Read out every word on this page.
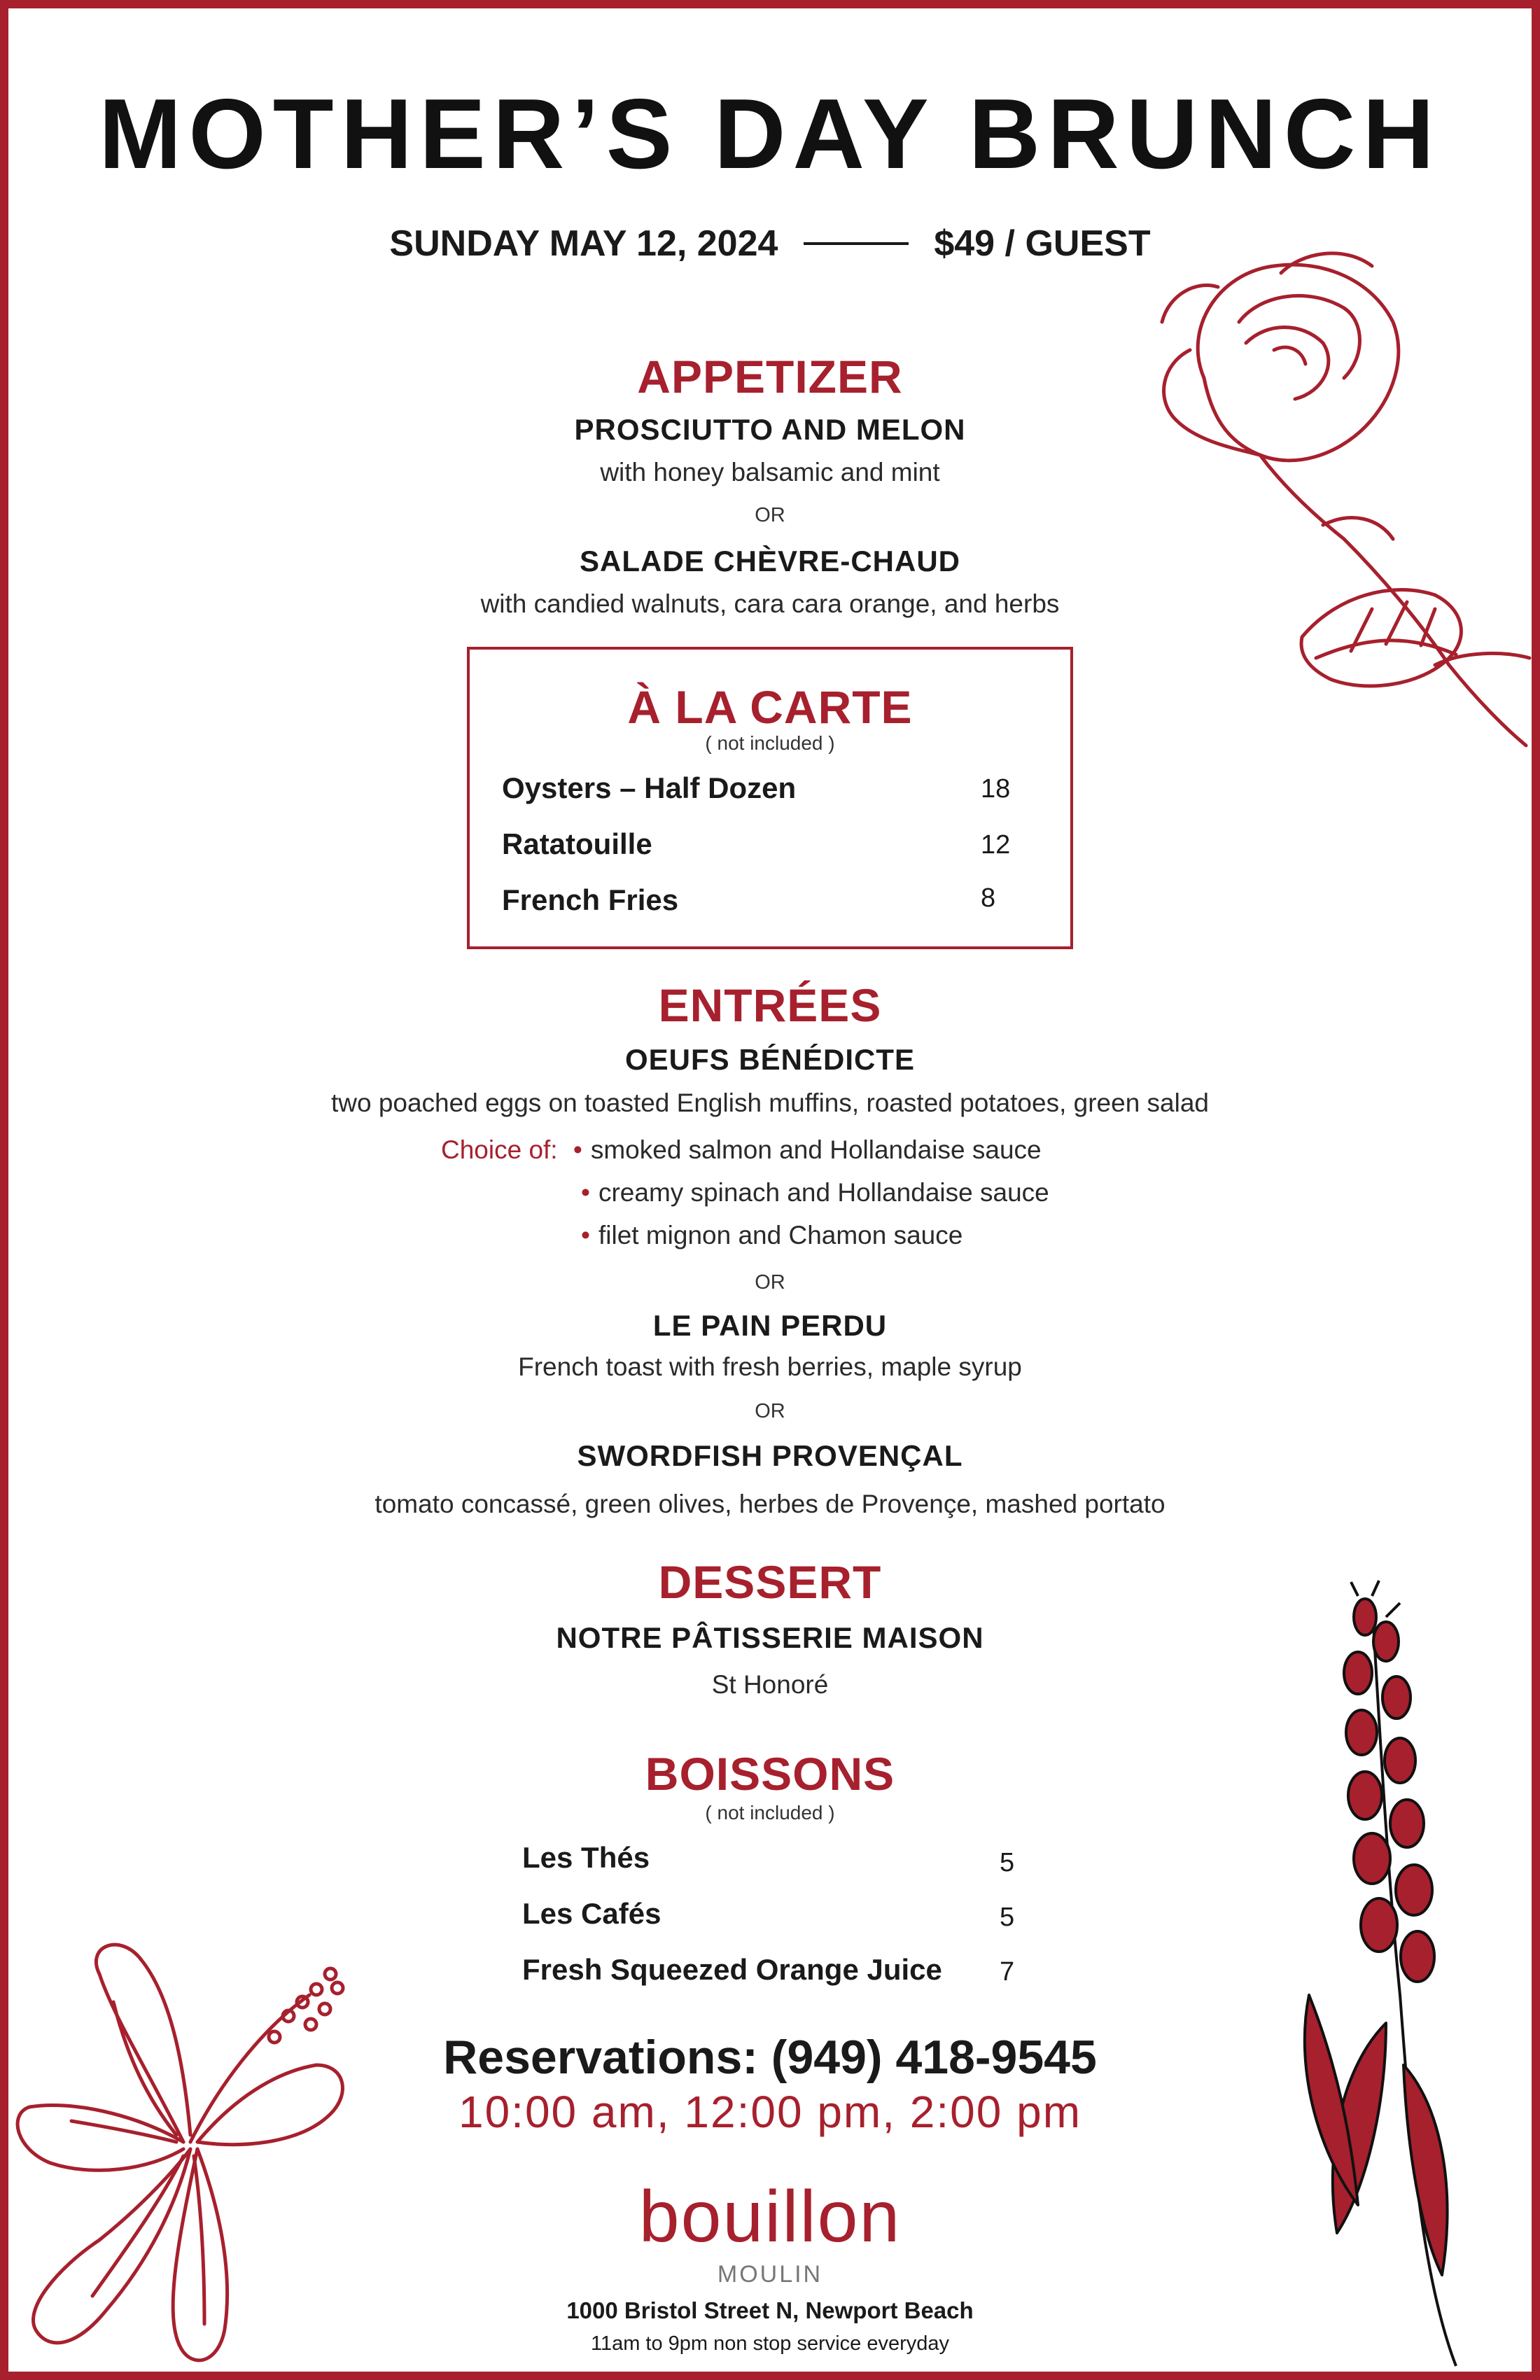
MOTHER’S DAY BRUNCH
SUNDAY MAY 12, 2024	$49 / GUEST
APPETIZER
PROSCIUTTO AND MELON
with honey balsamic and mint
OR
SALADE CHÈVRE-CHAUD
with candied walnuts, cara cara orange, and herbs
À LA CARTE
( not included )
Oysters – Half Dozen	18
Ratatouille	12
French Fries	8
ENTRÉES
OEUFS BÉNÉDICTE
two poached eggs on toasted English muffins, roasted potatoes, green salad
Choice of: • smoked salmon and Hollandaise sauce
• creamy spinach and Hollandaise sauce
• filet mignon and Chamon sauce
OR
LE PAIN PERDU
French toast with fresh berries, maple syrup
OR
SWORDFISH PROVENÇAL
tomato concassé, green olives, herbes de Provençe, mashed portato
DESSERT
NOTRE PÂTISSERIE MAISON
St Honoré
BOISSONS
( not included )
Les Thés	5
Les Cafés	5
Fresh Squeezed Orange Juice 7
Reservations: (949) 418-9545
10:00 am, 12:00 pm, 2:00 pm
bouillon
MOULIN
1000 Bristol Street N, Newport Beach
11am to 9pm non stop service everyday
